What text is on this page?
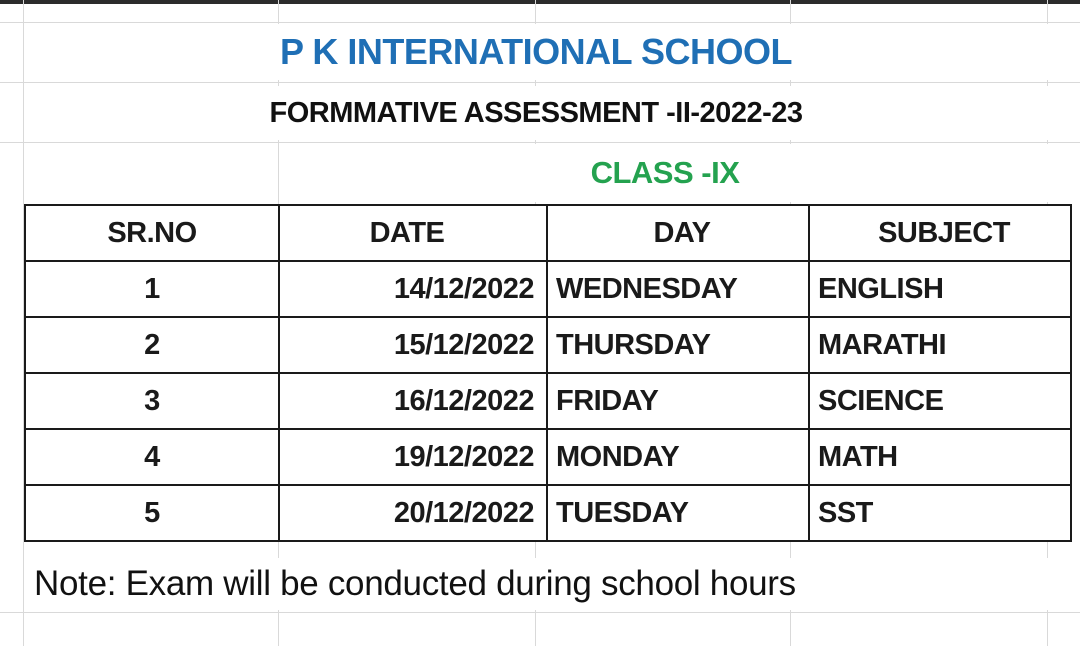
P K INTERNATIONAL SCHOOL
FORMMATIVE ASSESSMENT -II-2022-23
CLASS -IX
SR.NO	DATE	DAY	SUBJECT
1	14/12/2022	WEDNESDAY	ENGLISH
2	15/12/2022	THURSDAY	MARATHI
3	16/12/2022	FRIDAY	SCIENCE
4	19/12/2022	MONDAY	MATH
5	20/12/2022	TUESDAY	SST
Note: Exam will be conducted during school hours
